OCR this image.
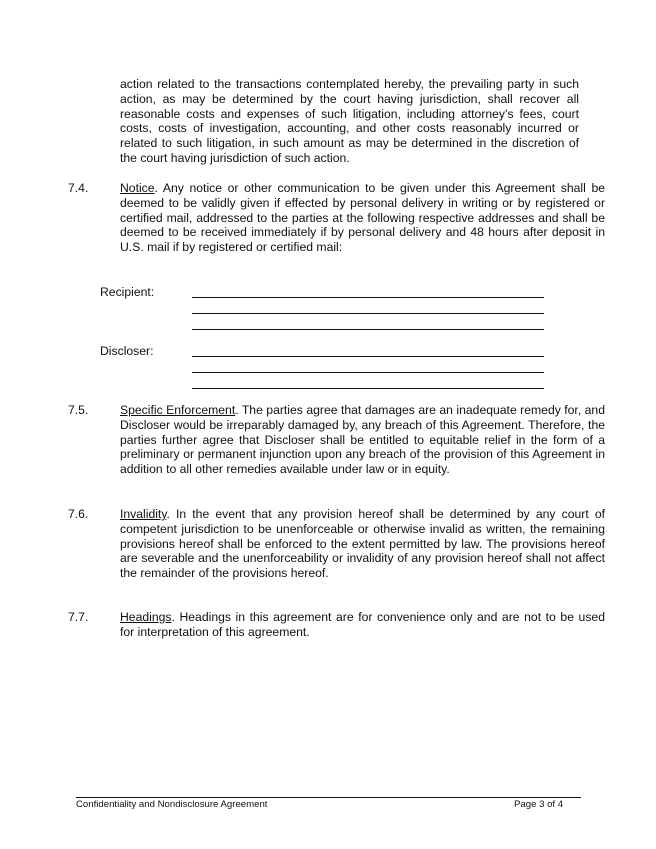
action related to the transactions contemplated hereby, the prevailing party in such action, as may be determined by the court having jurisdiction, shall recover all reasonable costs and expenses of such litigation, including attorney’s fees, court costs, costs of investigation, accounting, and other costs reasonably incurred or related to such litigation, in such amount as may be determined in the discretion of the court having jurisdiction of such action.
7.4.	Notice. Any notice or other communication to be given under this Agreement shall be deemed to be validly given if effected by personal delivery in writing or by registered or certified mail, addressed to the parties at the following respective addresses and shall be deemed to be received immediately if by personal delivery and 48 hours after deposit in U.S. mail if by registered or certified mail:
Recipient:
Discloser:
7.5.	Specific Enforcement. The parties agree that damages are an inadequate remedy for, and Discloser would be irreparably damaged by, any breach of this Agreement. Therefore, the parties further agree that Discloser shall be entitled to equitable relief in the form of a preliminary or permanent injunction upon any breach of the provision of this Agreement in addition to all other remedies available under law or in equity.
7.6.	Invalidity. In the event that any provision hereof shall be determined by any court of competent jurisdiction to be unenforceable or otherwise invalid as written, the remaining provisions hereof shall be enforced to the extent permitted by law. The provisions hereof are severable and the unenforceability or invalidity of any provision hereof shall not affect the remainder of the provisions hereof.
7.7.	Headings. Headings in this agreement are for convenience only and are not to be used for interpretation of this agreement.
Confidentiality and Nondisclosure Agreement	Page 3 of 4
